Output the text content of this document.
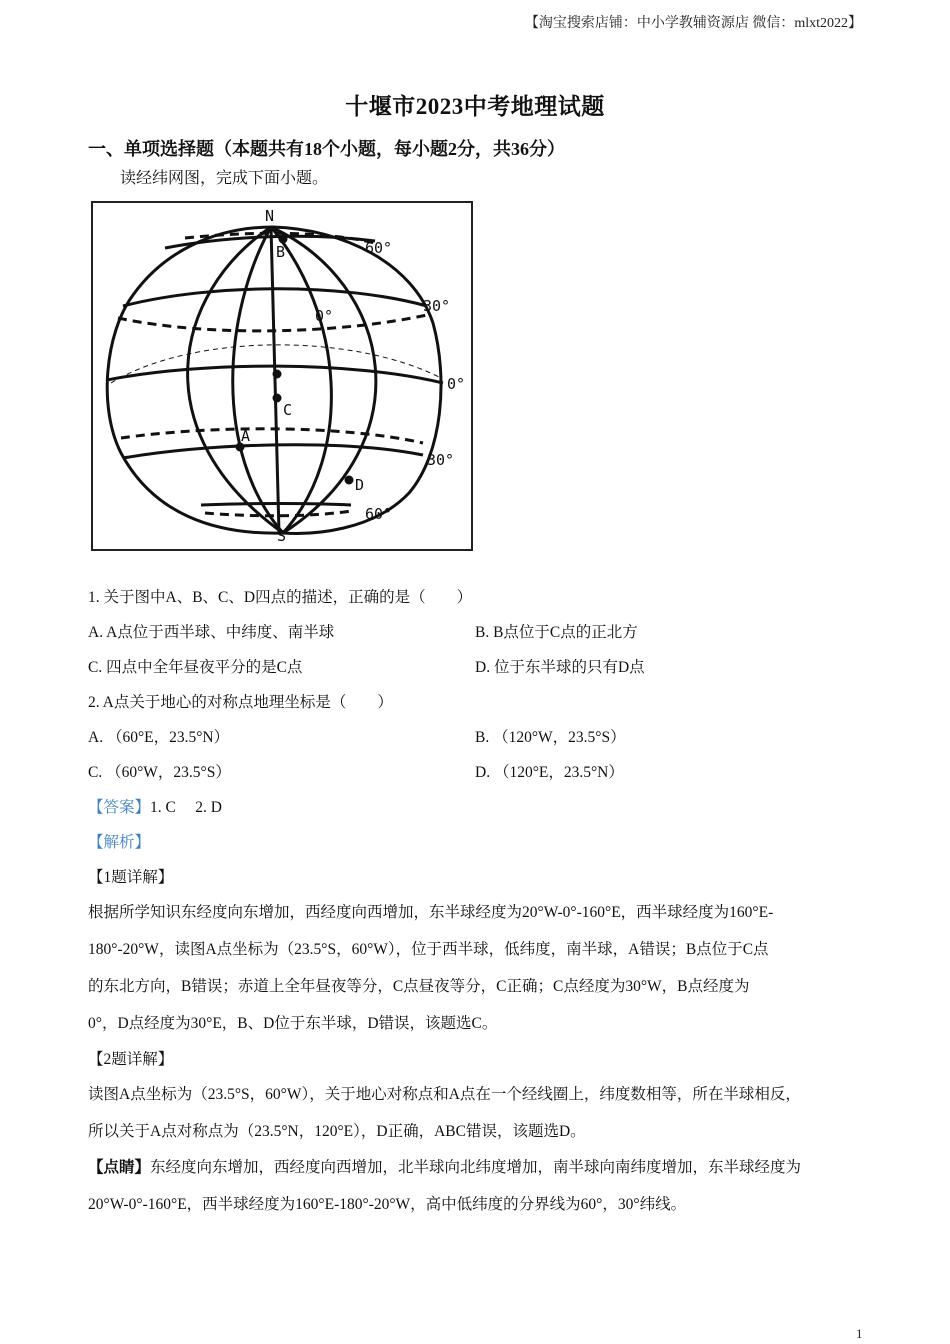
【淘宝搜索店铺：中小学教辅资源店 微信：mlxt2022】
十堰市2023中考地理试题
一、单项选择题（本题共有18个小题，每小题2分，共36分）
读经纬网图，完成下面小题。
N
S
B
C
A
D
60°
30°
0°
0°
30°
60°
1. 关于图中A、B、C、D四点的描述，正确的是（　　）
A. A点位于西半球、中纬度、南半球	B. B点位于C点的正北方
C. 四点中全年昼夜平分的是C点	D. 位于东半球的只有D点
2. A点关于地心的对称点地理坐标是（　　）
A. （60°E，23.5°N）	B. （120°W，23.5°S）
C. （60°W，23.5°S）	D. （120°E，23.5°N）
【答案】1. C　 2. D
【解析】
【1题详解】
根据所学知识东经度向东增加，西经度向西增加，东半球经度为20°W-0°-160°E，西半球经度为160°E-
180°-20°W，读图A点坐标为（23.5°S，60°W），位于西半球，低纬度，南半球，A错误；B点位于C点
的东北方向，B错误；赤道上全年昼夜等分，C点昼夜等分，C正确；C点经度为30°W，B点经度为
0°，D点经度为30°E，B、D位于东半球，D错误，该题选C。
【2题详解】
读图A点坐标为（23.5°S，60°W），关于地心对称点和A点在一个经线圈上，纬度数相等，所在半球相反，
所以关于A点对称点为（23.5°N，120°E），D正确，ABC错误，该题选D。
【点睛】东经度向东增加，西经度向西增加，北半球向北纬度增加，南半球向南纬度增加，东半球经度为
20°W-0°-160°E，西半球经度为160°E-180°-20°W，高中低纬度的分界线为60°，30°纬线。
1
